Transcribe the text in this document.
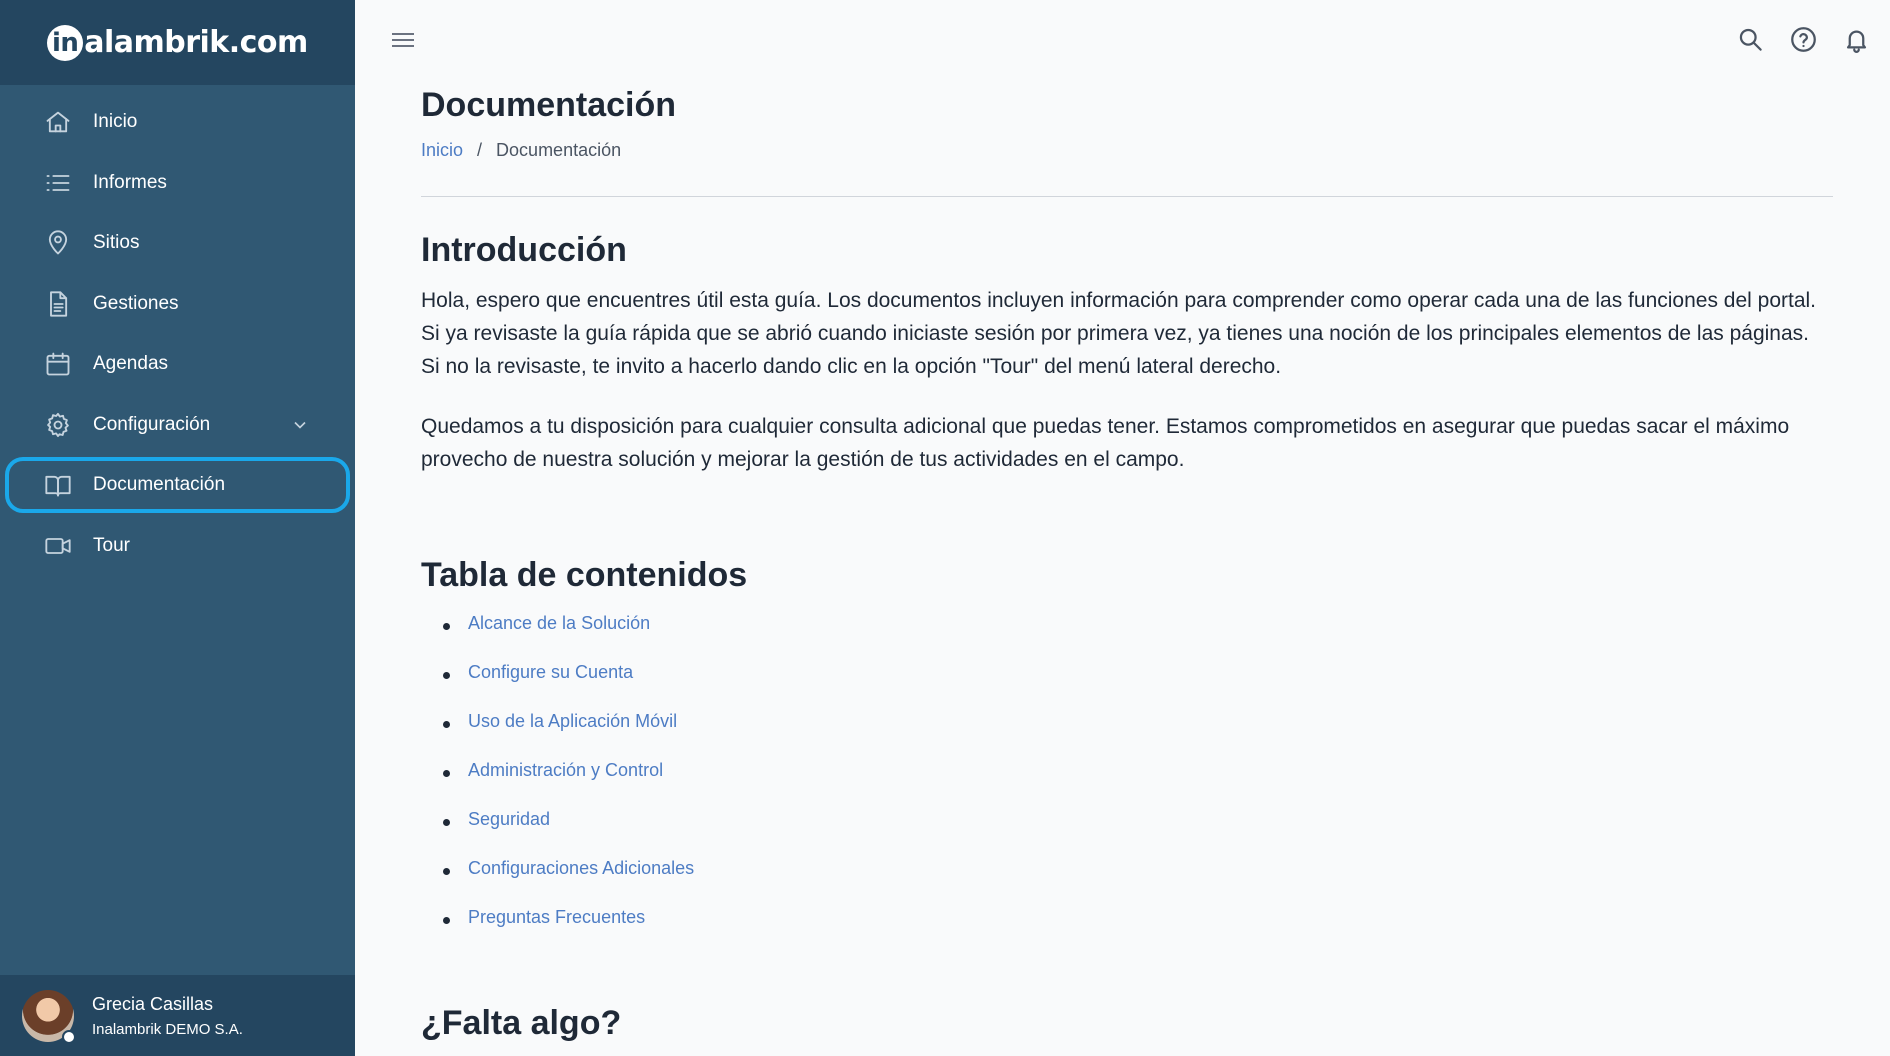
in alambrik.com
Inicio
Informes
Sitios
Gestiones
Agendas
Configuración
Documentación
Tour
Grecia Casillas
Inalambrik DEMO S.A.
Documentación
Inicio / Documentación
Introducción

Hola, espero que encuentres útil esta guía. Los documentos incluyen información para comprender como operar cada una de las funciones del portal. Si ya revisaste la guía rápida que se abrió cuando iniciaste sesión por primera vez, ya tienes una noción de los principales elementos de las páginas. Si no la revisaste, te invito a hacerlo dando clic en la opción "Tour" del menú lateral derecho.

Quedamos a tu disposición para cualquier consulta adicional que puedas tener. Estamos comprometidos en asegurar que puedas sacar el máximo provecho de nuestra solución y mejorar la gestión de tus actividades en el campo.

Tabla de contenidos
Alcance de la Solución
Configure su Cuenta
Uso de la Aplicación Móvil
Administración y Control
Seguridad
Configuraciones Adicionales
Preguntas Frecuentes
¿Falta algo?
